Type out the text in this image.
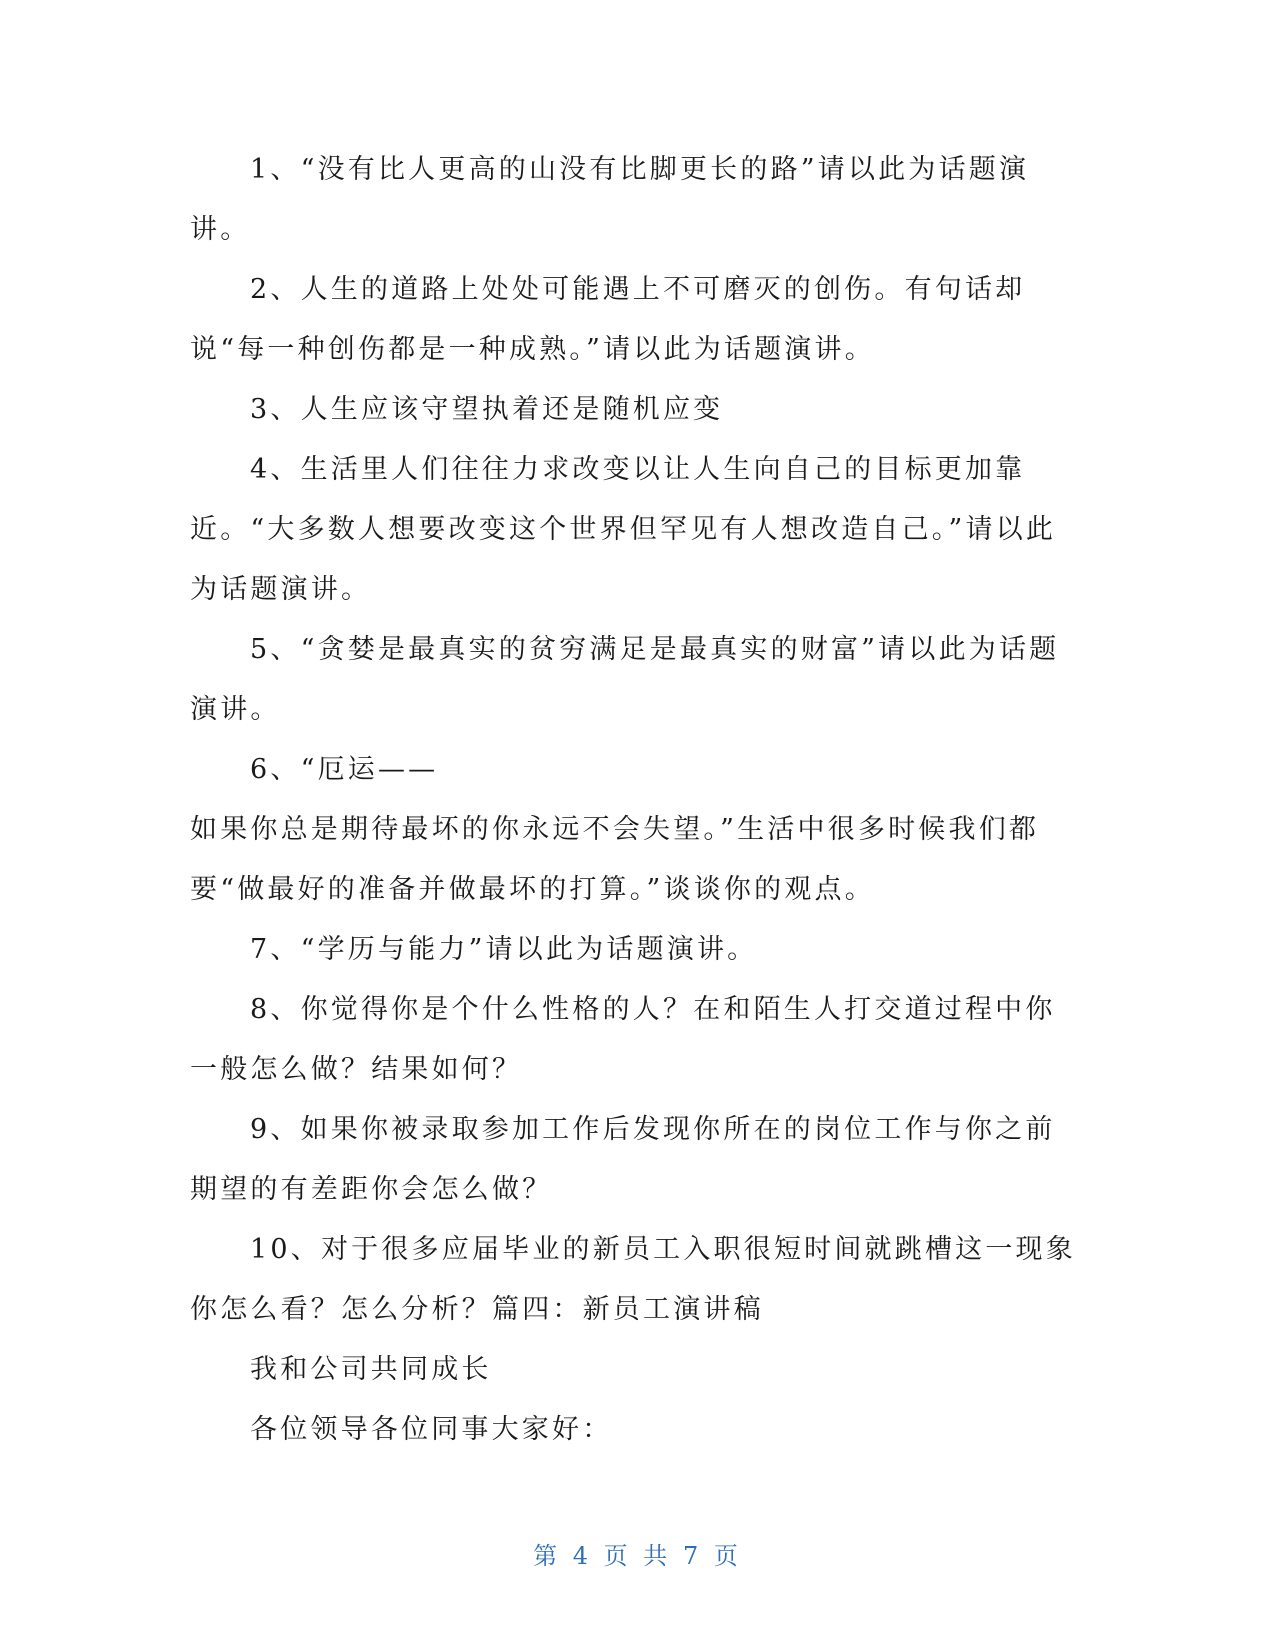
1、“没有比人更高的山没有比脚更长的路”请以此为话题演讲。

2、人生的道路上处处可能遇上不可磨灭的创伤。有句话却说“每一种创伤都是一种成熟。”请以此为话题演讲。

3、人生应该守望执着还是随机应变

4、生活里人们往往力求改变以让人生向自己的目标更加靠近。“大多数人想要改变这个世界但罕见有人想改造自己。”请以此为话题演讲。

5、“贪婪是最真实的贫穷满足是最真实的财富”请以此为话题演讲。

6、“厄运——

如果你总是期待最坏的你永远不会失望。”生活中很多时候我们都要“做最好的准备并做最坏的打算。”谈谈你的观点。

7、“学历与能力”请以此为话题演讲。

8、你觉得你是个什么性格的人？在和陌生人打交道过程中你一般怎么做？结果如何？

9、如果你被录取参加工作后发现你所在的岗位工作与你之前期望的有差距你会怎么做？

10、对于很多应届毕业的新员工入职很短时间就跳槽这一现象你怎么看？怎么分析？篇四：新员工演讲稿

我和公司共同成长

各位领导各位同事大家好：

第 4 页 共 7 页
